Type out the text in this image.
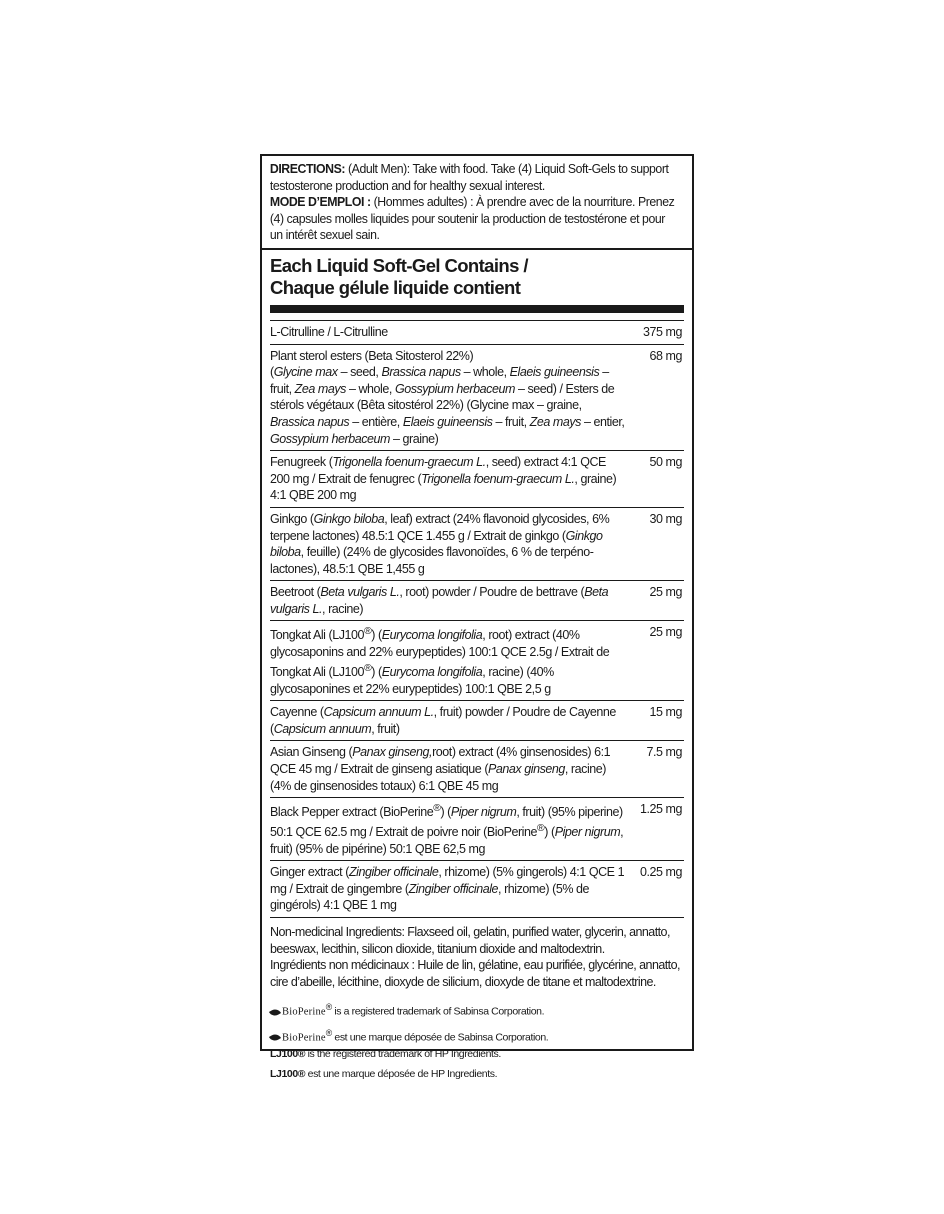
DIRECTIONS: (Adult Men): Take with food. Take (4) Liquid Soft-Gels to support testosterone production and for healthy sexual interest.
MODE D’EMPLOI : (Hommes adultes) : À prendre avec de la nourriture. Prenez (4) capsules molles liquides pour soutenir la production de testostérone et pour un intérêt sexuel sain.
Each Liquid Soft-Gel Contains /
Chaque gélule liquide contient
L-Citrulline / L-Citrulline	375 mg
Plant sterol esters (Beta Sitosterol 22%)
(Glycine max – seed, Brassica napus – whole, Elaeis guineensis – fruit, Zea mays – whole, Gossypium herbaceum – seed) / Esters de stérols végétaux (Bêta sitostérol 22%) (Glycine max – graine, Brassica napus – entière, Elaeis guineensis – fruit, Zea mays – entier, Gossypium herbaceum – graine)
68 mg
Fenugreek (Trigonella foenum-graecum L., seed) extract 4:1 QCE 200 mg / Extrait de fenugrec (Trigonella foenum-graecum L., graine) 4:1 QBE 200 mg
50 mg
Ginkgo (Ginkgo biloba, leaf) extract (24% flavonoid glycosides, 6% terpene lactones) 48.5:1 QCE 1.455 g / Extrait de ginkgo (Ginkgo biloba, feuille) (24% de glycosides flavonoïdes, 6 % de terpéno-lactones), 48.5:1 QBE 1,455 g
30 mg
Beetroot (Beta vulgaris L., root) powder / Poudre de bettrave (Beta vulgaris L., racine)
25 mg
Tongkat Ali (LJ100®) (Eurycoma longifolia, root) extract (40% glycosaponins and 22% eurypeptides) 100:1 QCE 2.5g / Extrait de Tongkat Ali (LJ100®) (Eurycoma longifolia, racine) (40% glycosaponines et 22% eurypeptides) 100:1 QBE 2,5 g
25 mg
Cayenne (Capsicum annuum L., fruit) powder / Poudre de Cayenne (Capsicum annuum, fruit)
15 mg
Asian Ginseng (Panax ginseng,root) extract (4% ginsenosides) 6:1 QCE 45 mg / Extrait de ginseng asiatique (Panax ginseng, racine) (4% de ginsenosides totaux) 6:1 QBE 45 mg
7.5 mg
Black Pepper extract (BioPerine®) (Piper nigrum, fruit) (95% piperine) 50:1 QCE 62.5 mg / Extrait de poivre noir (BioPerine®) (Piper nigrum, fruit) (95% de pipérine) 50:1 QBE 62,5 mg
1.25 mg
Ginger extract (Zingiber officinale, rhizome) (5% gingerols) 4:1 QCE 1 mg / Extrait de gingembre (Zingiber officinale, rhizome) (5% de gingérols) 4:1 QBE 1 mg
0.25 mg
Non-medicinal Ingredients: Flaxseed oil, gelatin, purified water, glycerin, annatto, beeswax, lecithin, silicon dioxide, titanium dioxide and maltodextrin.
Ingrédients non médicinaux : Huile de lin, gélatine, eau purifiée, glycérine, annatto, cire d’abeille, lécithine, dioxyde de silicium, dioxyde de titane et maltodextrine.
BioPerine® is a registered trademark of Sabinsa Corporation.
BioPerine® est une marque déposée de Sabinsa Corporation.
LJ100® is the registered trademark of HP Ingredients.
LJ100® est une marque déposée de HP Ingredients.
